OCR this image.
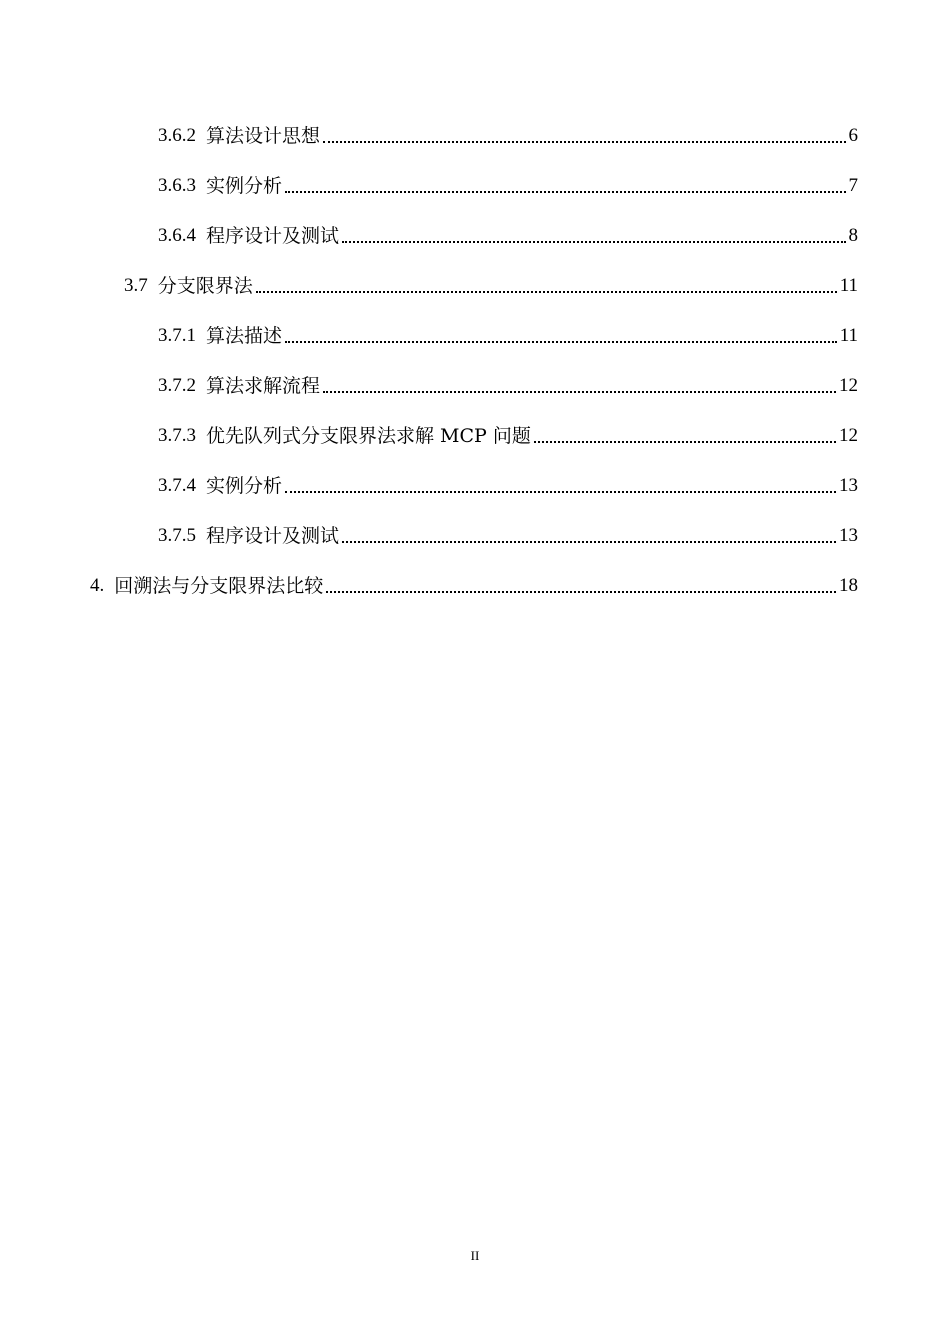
3.6.2 算法设计思想	6
3.6.3 实例分析	7
3.6.4 程序设计及测试	8
3.7 分支限界法	11
3.7.1 算法描述	11
3.7.2 算法求解流程	12
3.7.3 优先队列式分支限界法求解 MCP 问题	12
3.7.4 实例分析	13
3.7.5 程序设计及测试	13
4. 回溯法与分支限界法比较	18
II
